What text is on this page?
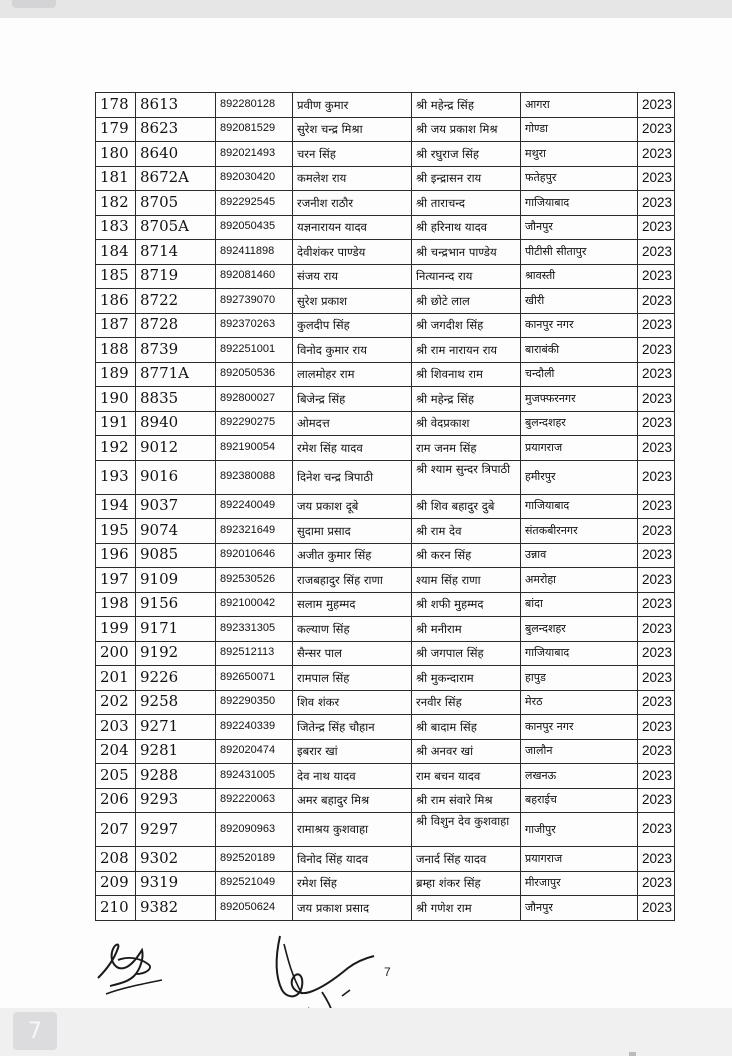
178	8613	892280128	प्रवीण कुमार	श्री महेन्द्र सिंह	आगरा	2023
179	8623	892081529	सुरेश चन्द्र मिश्रा	श्री जय प्रकाश मिश्र	गोण्डा	2023
180	8640	892021493	चरन सिंह	श्री रघुराज सिंह	मथुरा	2023
181	8672A	892030420	कमलेश राय	श्री इन्द्रासन राय	फतेहपुर	2023
182	8705	892292545	रजनीश राठौर	श्री ताराचन्द	गाजियाबाद	2023
183	8705A	892050435	यज्ञनारायन यादव	श्री हरिनाथ यादव	जौनपुर	2023
184	8714	892411898	देवीशंकर पाण्डेय	श्री चन्द्रभान पाण्डेय	पीटीसी सीतापुर	2023
185	8719	892081460	संजय राय	नित्यानन्द राय	श्रावस्ती	2023
186	8722	892739070	सुरेश प्रकाश	श्री छोटे लाल	खीरी	2023
187	8728	892370263	कुलदीप सिंह	श्री जगदीश सिंह	कानपुर नगर	2023
188	8739	892251001	विनोद कुमार राय	श्री राम नारायन राय	बाराबंकी	2023
189	8771A	892050536	लालमोहर राम	श्री शिवनाथ राम	चन्दौली	2023
190	8835	892800027	बिजेन्द्र सिंह	श्री महेन्द्र सिंह	मुजफ्फरनगर	2023
191	8940	892290275	ओमदत्त	श्री वेदप्रकाश	बुलन्दशहर	2023
192	9012	892190054	रमेश सिंह यादव	राम जनम सिंह	प्रयागराज	2023
193	9016	892380088	दिनेश चन्द्र त्रिपाठी	श्री श्याम सुन्दर त्रिपाठी	हमीरपुर	2023
194	9037	892240049	जय प्रकाश दूबे	श्री शिव बहादुर दुबे	गाजियाबाद	2023
195	9074	892321649	सुदामा प्रसाद	श्री राम देव	संतकबीरनगर	2023
196	9085	892010646	अजीत कुमार सिंह	श्री करन सिंह	उन्नाव	2023
197	9109	892530526	राजबहादुर सिंह राणा	श्याम सिंह राणा	अमरोहा	2023
198	9156	892100042	सलाम मुहम्मद	श्री शफी मुहम्मद	बांदा	2023
199	9171	892331305	कल्याण सिंह	श्री मनीराम	बुलन्दशहर	2023
200	9192	892512113	सैन्सर पाल	श्री जगपाल सिंह	गाजियाबाद	2023
201	9226	892650071	रामपाल सिंह	श्री मुकन्दाराम	हापुड	2023
202	9258	892290350	शिव शंकर	रनवीर सिंह	मेरठ	2023
203	9271	892240339	जितेन्द्र सिंह चौहान	श्री बादाम सिंह	कानपुर नगर	2023
204	9281	892020474	इबरार खां	श्री अनवर खां	जालौन	2023
205	9288	892431005	देव नाथ यादव	राम बचन यादव	लखनऊ	2023
206	9293	892220063	अमर बहादुर मिश्र	श्री राम संवारे मिश्र	बहराईच	2023
207	9297	892090963	रामाश्रय कुशवाहा	श्री विशुन देव कुशवाहा	गाजीपुर	2023
208	9302	892520189	विनोद सिंह यादव	जनार्द सिंह यादव	प्रयागराज	2023
209	9319	892521049	रमेश सिंह	ब्रम्हा शंकर सिंह	मीरजापुर	2023
210	9382	892050624	जय प्रकाश प्रसाद	श्री गणेश राम	जौनपुर	2023
7
7
